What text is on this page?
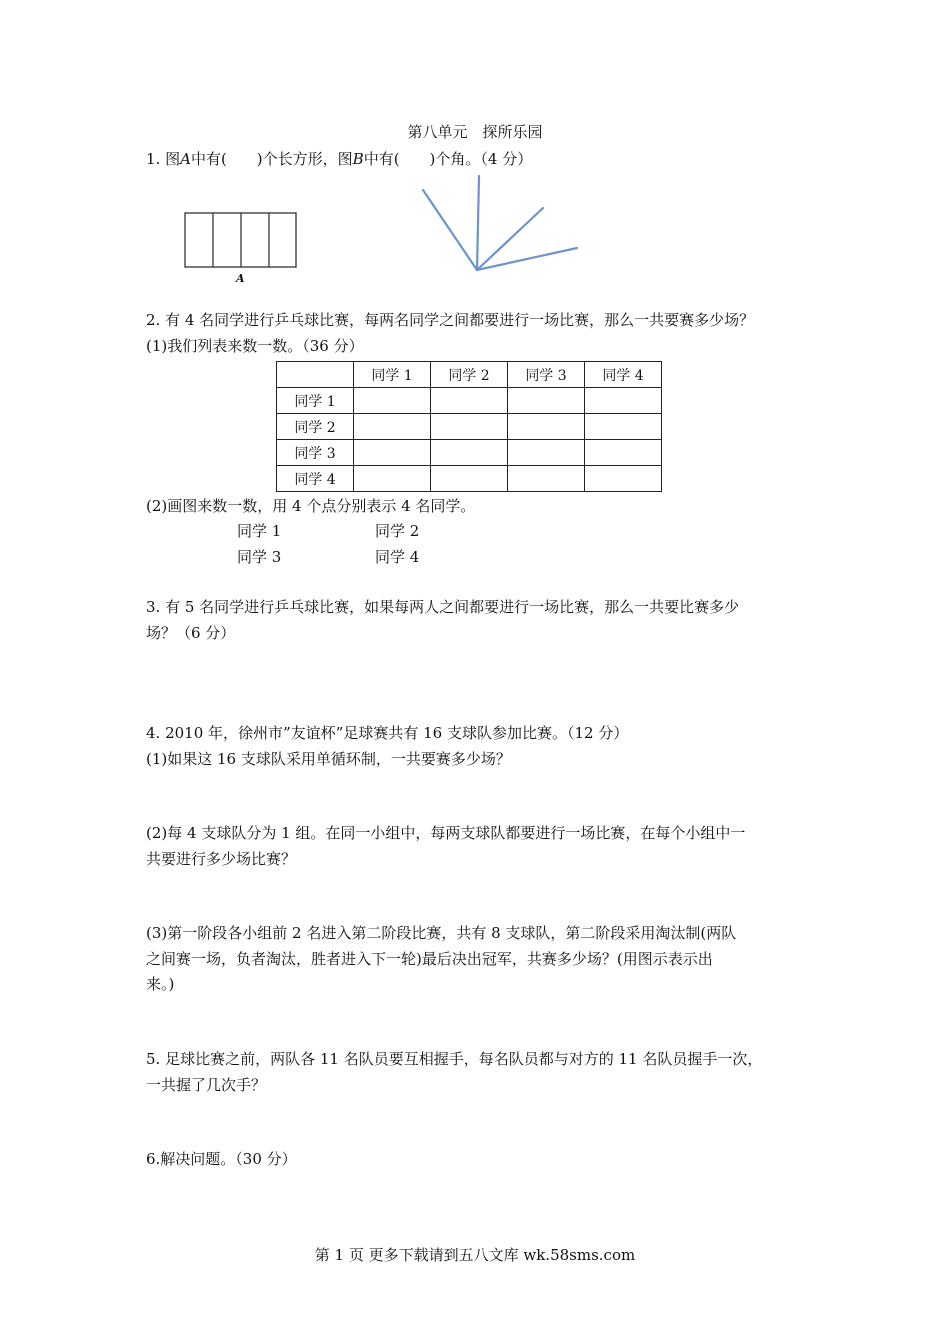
第八单元　探所乐园
1. 图A中有(　　)个长方形，图B中有(　　)个角。（4 分）
A
2. 有 4 名同学进行乒乓球比赛，每两名同学之间都要进行一场比赛，那么一共要赛多少场？
(1)我们列表来数一数。（36 分）
	同学 1	同学 2	同学 3	同学 4
同学 1				
同学 2				
同学 3				
同学 4				
(2)画图来数一数，用 4 个点分别表示 4 名同学。
同学 1	同学 2
同学 3	同学 4
3. 有 5 名同学进行乒乓球比赛，如果每两人之间都要进行一场比赛，那么一共要比赛多少
场？（6 分）
4. 2010 年，徐州市”友谊杯”足球赛共有 16 支球队参加比赛。（12 分）
(1)如果这 16 支球队采用单循环制，一共要赛多少场？
(2)每 4 支球队分为 1 组。在同一小组中，每两支球队都要进行一场比赛，在每个小组中一
共要进行多少场比赛？
(3)第一阶段各小组前 2 名进入第二阶段比赛，共有 8 支球队，第二阶段采用淘汰制(两队
之间赛一场，负者淘汰，胜者进入下一轮)最后决出冠军，共赛多少场？(用图示表示出
来。)
5. 足球比赛之前，两队各 11 名队员要互相握手，每名队员都与对方的 11 名队员握手一次，
一共握了几次手？
6.解决问题。（30 分）
第 1 页 更多下载请到五八文库 wk.58sms.com
